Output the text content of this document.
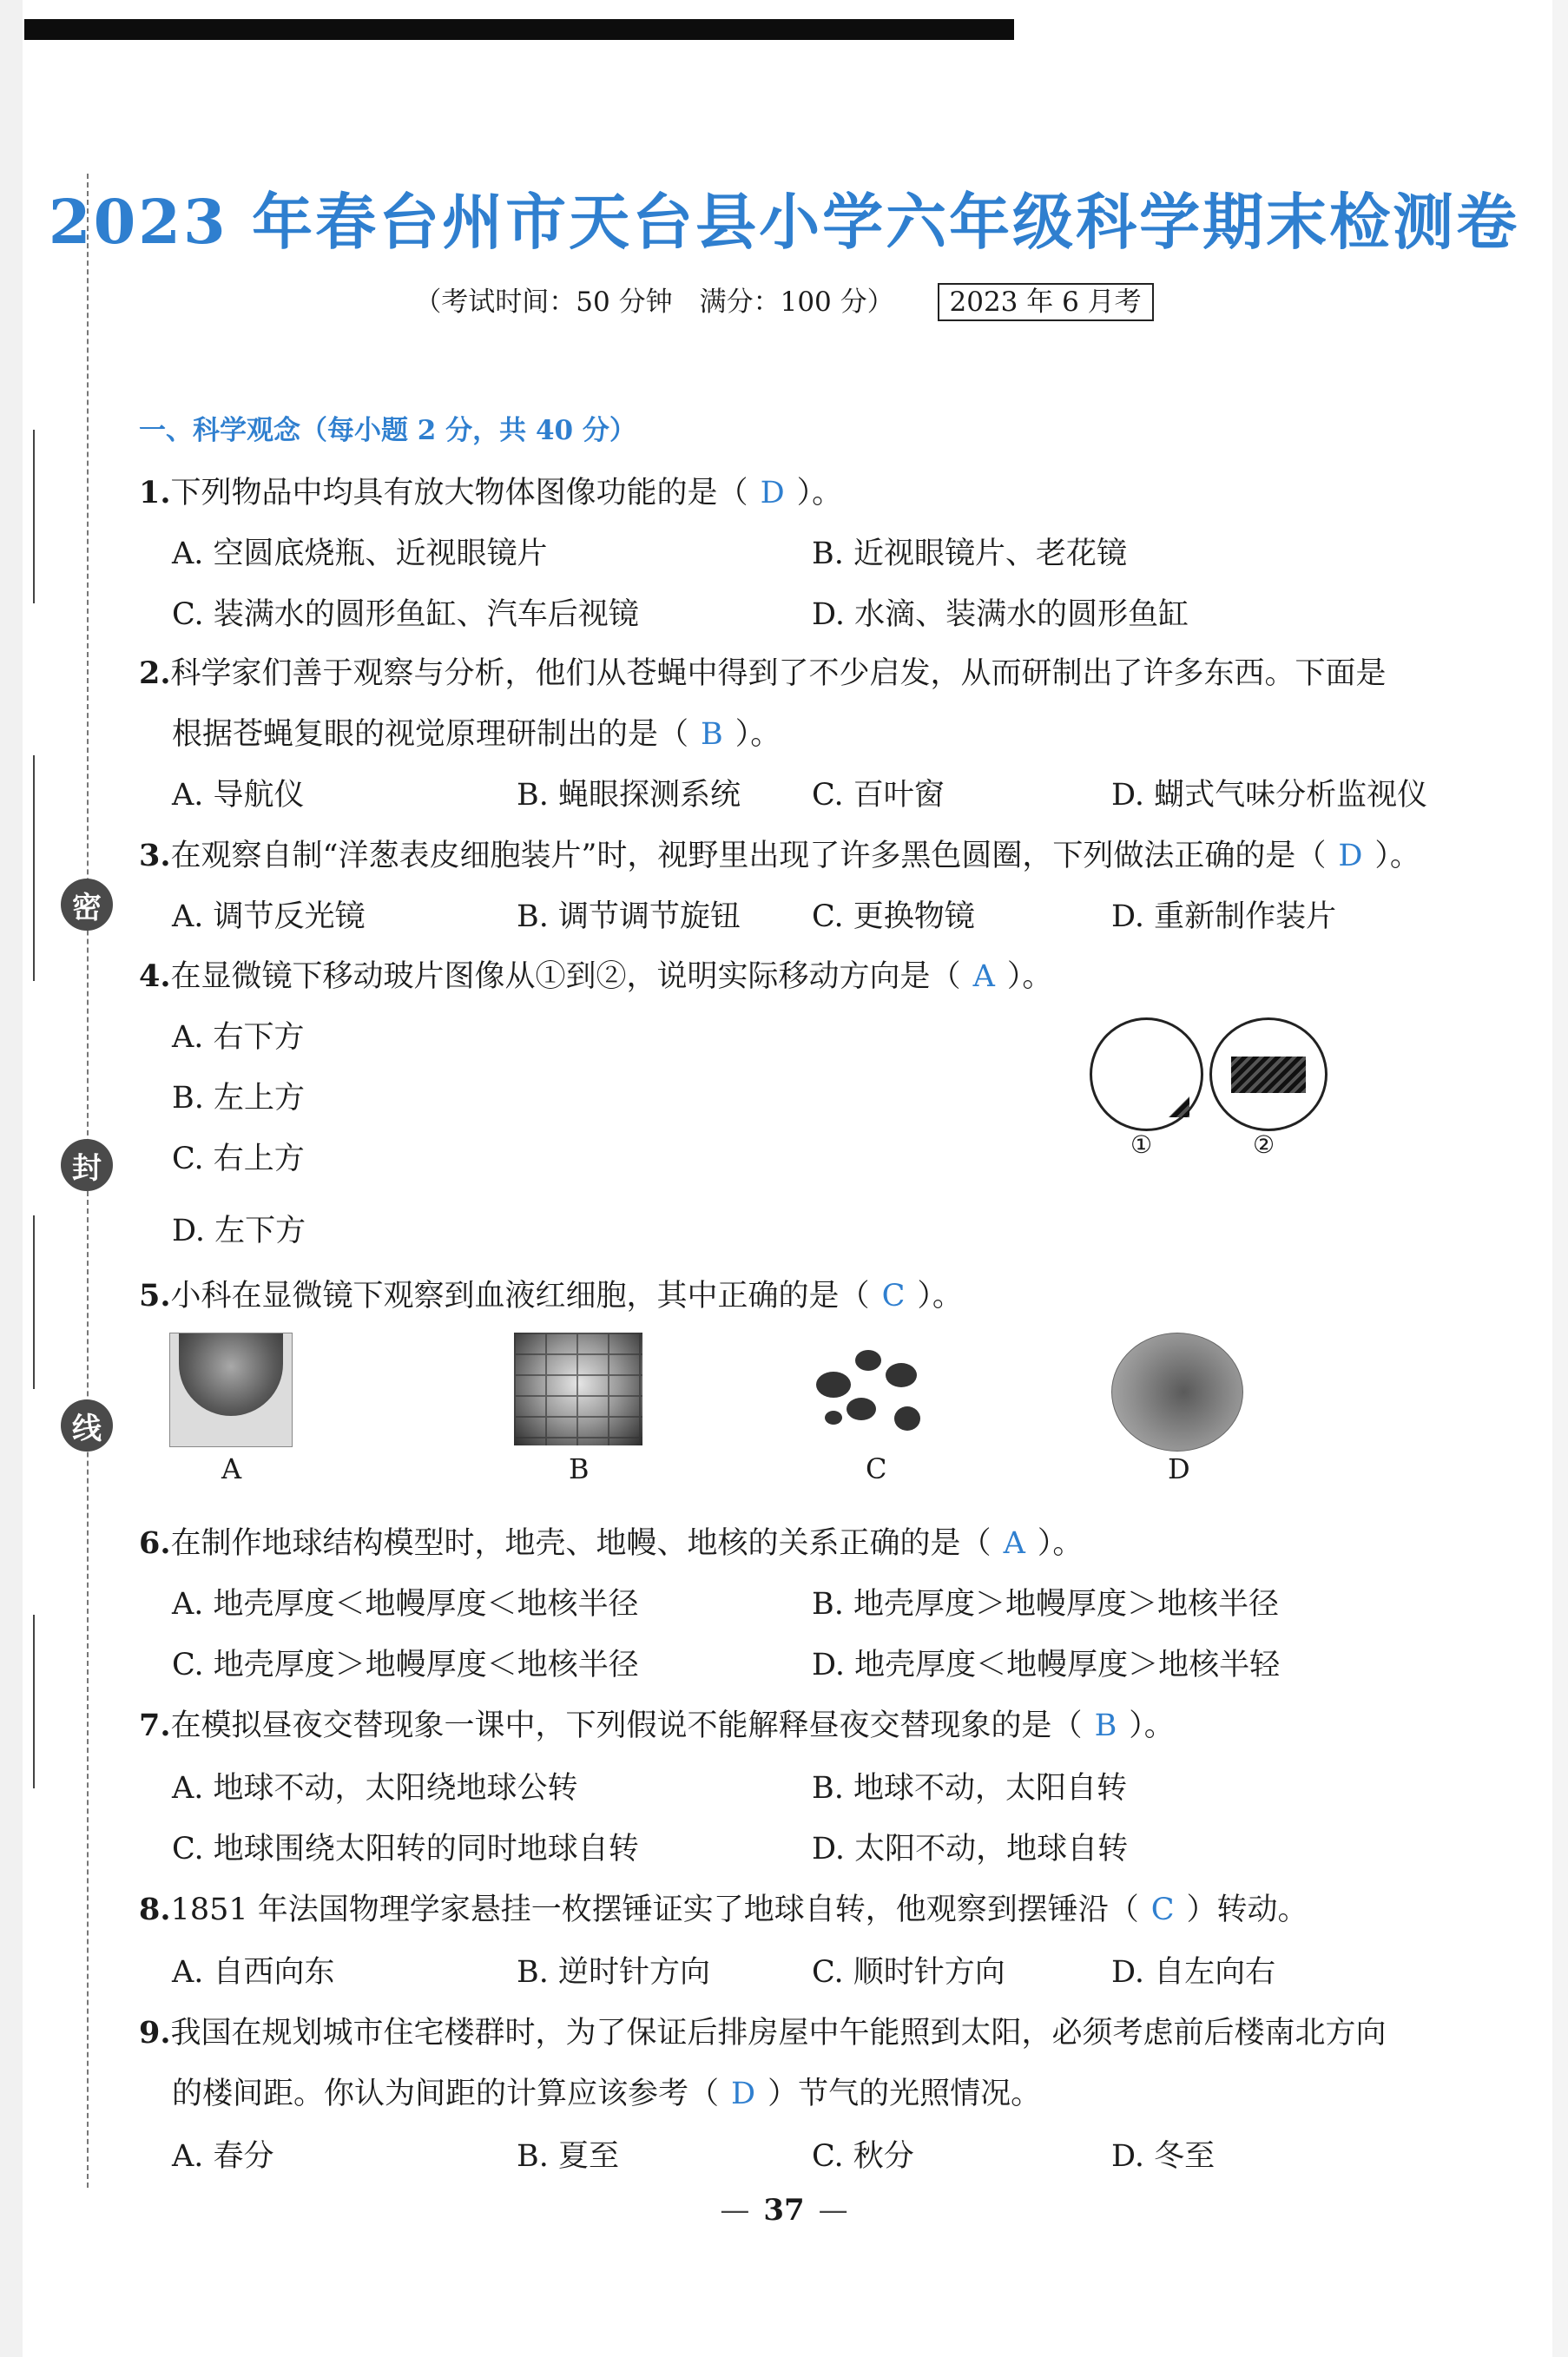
密
封
线
2023 年春台州市天台县小学六年级科学期末检测卷
（考试时间：50 分钟　满分：100 分） 2023 年 6 月考
一、科学观念（每小题 2 分，共 40 分）
1.下列物品中均具有放大物体图像功能的是（ D ）。
A. 空圆底烧瓶、近视眼镜片	B. 近视眼镜片、老花镜
C. 装满水的圆形鱼缸、汽车后视镜	D. 水滴、装满水的圆形鱼缸
2.科学家们善于观察与分析，他们从苍蝇中得到了不少启发，从而研制出了许多东西。下面是
根据苍蝇复眼的视觉原理研制出的是（ B ）。
A. 导航仪	B. 蝇眼探测系统 C. 百叶窗	D. 蝴式气味分析监视仪
3.在观察自制“洋葱表皮细胞装片”时，视野里出现了许多黑色圆圈，下列做法正确的是（ D ）。
A. 调节反光镜	B. 调节调节旋钮 C. 更换物镜	D. 重新制作装片
4.在显微镜下移动玻片图像从①到②，说明实际移动方向是（ A ）。
A. 右下方
B. 左上方
C. 右上方
D. 左下方
①	②
5.小科在显微镜下观察到血液红细胞，其中正确的是（ C ）。
A	B	C	D
6.在制作地球结构模型时，地壳、地幔、地核的关系正确的是（ A ）。
A. 地壳厚度＜地幔厚度＜地核半径	B. 地壳厚度＞地幔厚度＞地核半径
C. 地壳厚度＞地幔厚度＜地核半径	D. 地壳厚度＜地幔厚度＞地核半轻
7.在模拟昼夜交替现象一课中，下列假说不能解释昼夜交替现象的是（ B ）。
A. 地球不动，太阳绕地球公转	B. 地球不动，太阳自转
C. 地球围绕太阳转的同时地球自转	D. 太阳不动，地球自转
8.1851 年法国物理学家悬挂一枚摆锤证实了地球自转，他观察到摆锤沿（ C ）转动。
A. 自西向东	B. 逆时针方向	C. 顺时针方向	D. 自左向右
9.我国在规划城市住宅楼群时，为了保证后排房屋中午能照到太阳，必须考虑前后楼南北方向
的楼间距。你认为间距的计算应该参考（ D ）节气的光照情况。
A. 春分	B. 夏至	C. 秋分	D. 冬至
— 37 —
